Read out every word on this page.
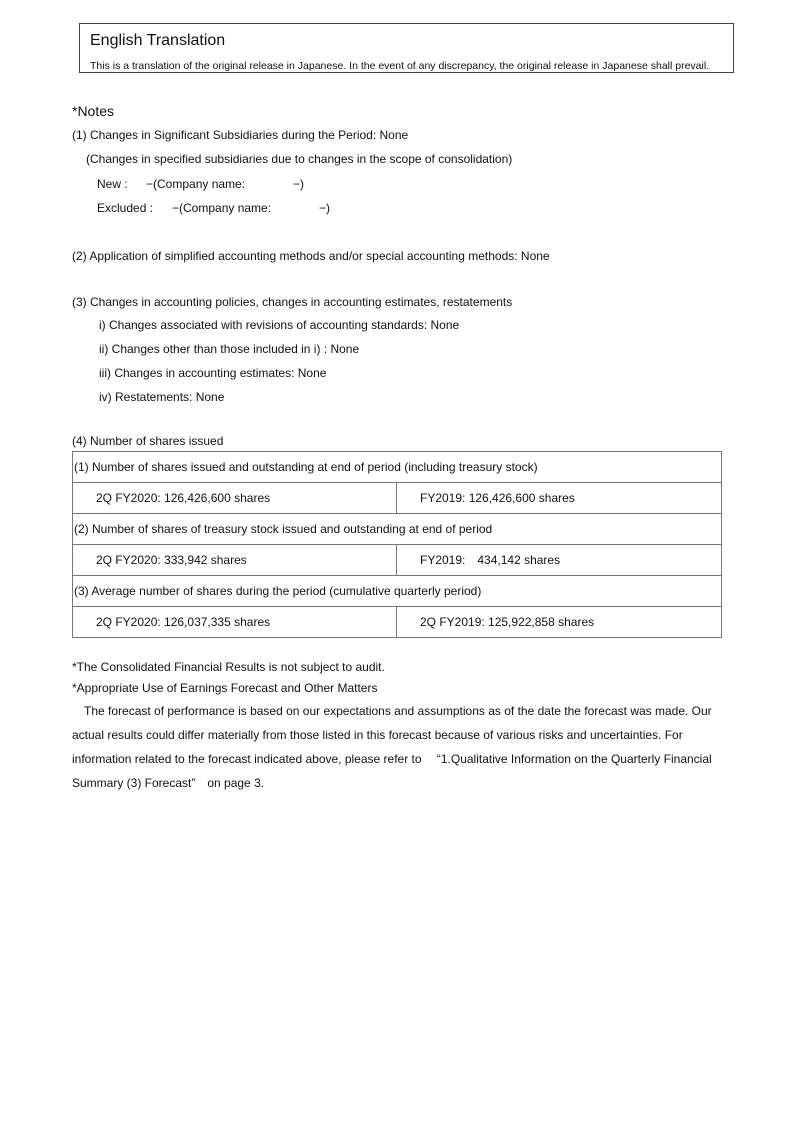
English Translation
This is a translation of the original release in Japanese. In the event of any discrepancy, the original release in Japanese shall prevail.
*Notes
(1) Changes in Significant Subsidiaries during the Period: None
(Changes in specified subsidiaries due to changes in the scope of consolidation)
New : −(Company name:	−)
Excluded : −(Company name:	−)
(2) Application of simplified accounting methods and/or special accounting methods: None
(3) Changes in accounting policies, changes in accounting estimates, restatements
i) Changes associated with revisions of accounting standards: None
ii) Changes other than those included in i) : None
iii) Changes in accounting estimates: None
iv) Restatements: None
(4) Number of shares issued
(1) Number of shares issued and outstanding at end of period (including treasury stock)	
2Q FY2020: 126,426,600 shares	FY2019: 126,426,600 shares
(2) Number of shares of treasury stock issued and outstanding at end of period	
2Q FY2020: 333,942 shares	FY2019: 434,142 shares
(3) Average number of shares during the period (cumulative quarterly period)	
2Q FY2020: 126,037,335 shares	2Q FY2019: 125,922,858 shares
*The Consolidated Financial Results is not subject to audit.
*Appropriate Use of Earnings Forecast and Other Matters
 The forecast of performance is based on our expectations and assumptions as of the date the forecast was made. Our
actual results could differ materially from those listed in this forecast because of various risks and uncertainties. For
information related to the forecast indicated above, please refer to 　“1.Qualitative Information on the Quarterly Financial
Summary (3) Forecast”　on page 3.
